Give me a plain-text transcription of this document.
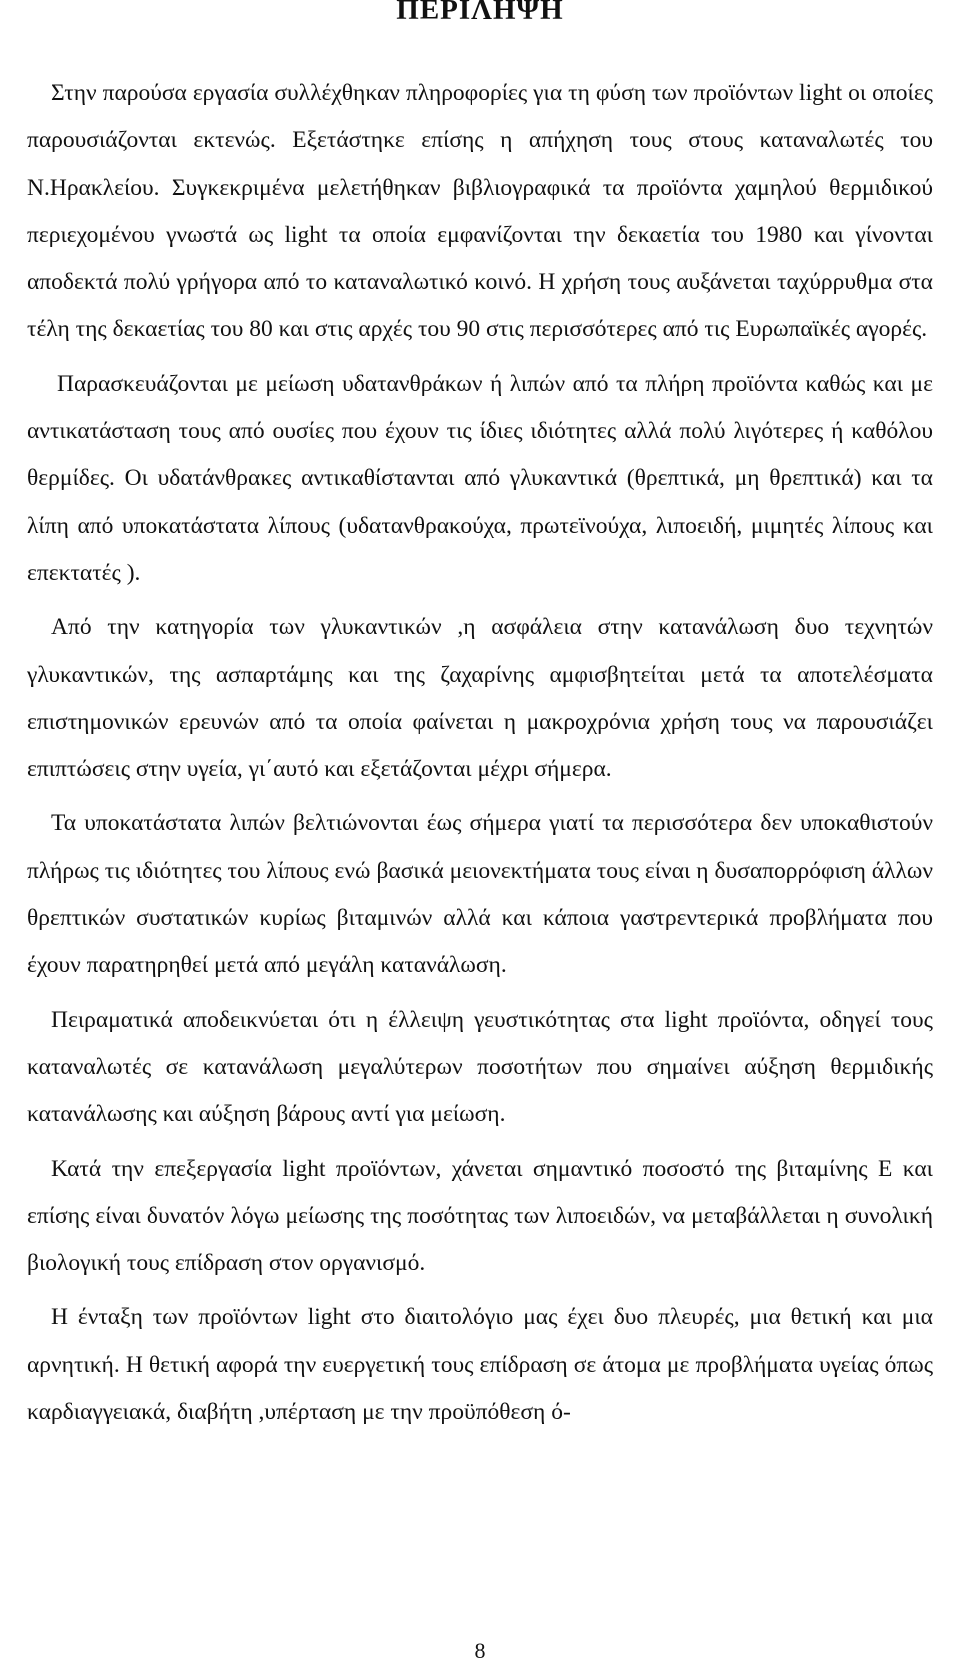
ΠΕΡΙΛΗΨΗ

Στην παρούσα εργασία συλλέχθηκαν πληροφορίες για τη φύση των προϊόντων light οι οποίες παρουσιάζονται εκτενώς. Εξετάστηκε επίσης η απήχηση τους στους καταναλωτές του Ν.Ηρακλείου. Συγκεκριμένα μελετήθηκαν βιβλιογραφικά τα προϊόντα χαμηλού θερμιδικού περιεχομένου γνωστά ως light τα οποία εμφανίζονται την δεκαετία του 1980 και γίνονται αποδεκτά πολύ γρήγορα από το καταναλωτικό κοινό. Η χρήση τους αυξάνεται ταχύρρυθμα στα τέλη της δεκαετίας του 80 και στις αρχές του 90 στις περισσότερες από τις Ευρωπαϊκές αγορές.

Παρασκευάζονται με μείωση υδατανθράκων ή λιπών από τα πλήρη προϊόντα καθώς και με αντικατάσταση τους από ουσίες που έχουν τις ίδιες ιδιότητες αλλά πολύ λιγότερες ή καθόλου θερμίδες. Οι υδατάνθρακες αντικαθίστανται από γλυκαντικά (θρεπτικά, μη θρεπτικά) και τα λίπη από υποκατάστατα λίπους (υδατανθρακούχα, πρωτεϊνούχα, λιποειδή, μιμητές λίπους και επεκτατές ).

Από την κατηγορία των γλυκαντικών ,η ασφάλεια στην κατανάλωση δυο τεχνητών γλυκαντικών, της ασπαρτάμης και της ζαχαρίνης αμφισβητείται μετά τα αποτελέσματα επιστημονικών ερευνών από τα οποία φαίνεται η μακροχρόνια χρήση τους να παρουσιάζει επιπτώσεις στην υγεία, γι΄αυτό και εξετάζονται μέχρι σήμερα.

Τα υποκατάστατα λιπών βελτιώνονται έως σήμερα γιατί τα περισσότερα δεν υποκαθιστούν πλήρως τις ιδιότητες του λίπους ενώ βασικά μειονεκτήματα τους είναι η δυσαπορρόφιση άλλων θρεπτικών συστατικών κυρίως βιταμινών αλλά και κάποια γαστρεντερικά προβλήματα που έχουν παρατηρηθεί μετά από μεγάλη κατανάλωση.

Πειραματικά αποδεικνύεται ότι η έλλειψη γευστικότητας στα light προϊόντα, οδηγεί τους καταναλωτές σε κατανάλωση μεγαλύτερων ποσοτήτων που σημαίνει αύξηση θερμιδικής κατανάλωσης και αύξηση βάρους αντί για μείωση.

Κατά την επεξεργασία light προϊόντων, χάνεται σημαντικό ποσοστό της βιταμίνης Ε και επίσης είναι δυνατόν λόγω μείωσης της ποσότητας των λιποειδών, να μεταβάλλεται η συνολική βιολογική τους επίδραση στον οργανισμό.

Η ένταξη των προϊόντων light στο διαιτολόγιο μας έχει δυο πλευρές, μια θετική και μια αρνητική. Η θετική αφορά την ευεργετική τους επίδραση σε άτομα με προβλήματα υγείας όπως καρδιαγγειακά, διαβήτη ,υπέρταση με την προϋπόθεση ό-

8
